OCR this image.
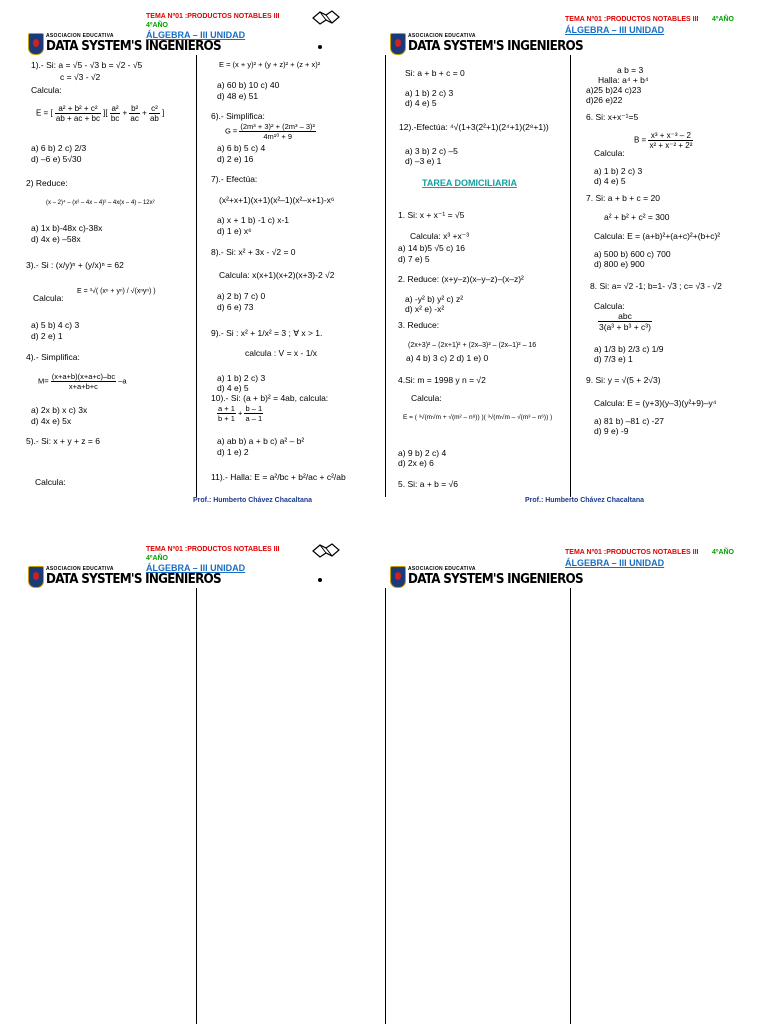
ASOCIACION EDUCATIVA
DATA SYSTEM'S INGENIEROS
TEMA Nº01 :PRODUCTOS NOTABLES III
4ºAÑO
ÁLGEBRA – III UNIDAD	ASOCIACION EDUCATIVA
DATA SYSTEM'S INGENIEROS
TEMA Nº01 :PRODUCTOS NOTABLES III 4ºAÑO
ÁLGEBRA – III UNIDAD
1).- Si: a = √5 - √3 b = √2 - √5
c = √3 - √2
Calcula:
E = [ $\frac{\text{a² + b² + c²}}{ab + ac + bc}$ ][ $\frac{\text{a²}}{bc} + \frac{\text{b²}}{ac} + \frac{\text{c²}}{ab}$ ]
a) 6 b) 2 c) 2/3
d) –6 e) 5√30
2) Reduce:
(x – 2)⁴ – (x² – 4x – 4)² – 4x(x – 4) – 12x²
a) 1x b)-48x c)-38x
d) 4x e) –58x
3).- Si : (x/y)ⁿ + (y/x)ⁿ = 62
Calcula:
E = ³√( (xⁿ + yⁿ) / √(xⁿyⁿ) )
a) 5 b) 4 c) 3
d) 2 e) 1
4).- Simplifica:
$M= \frac{(x+a+b)(x+a+c)-bc}{x+a+b+c} -a$
a) 2x b) x c) 3x
d) 4x e) 5x
5).- Si: x + y + z = 6
Calcula:
E = (x + y)² + (y + z)² + (z + x)²
a) 60 b) 10 c) 40
d) 48 e) 51
6).- Simplifica:
$G = \frac{\text{(2m³ + 3)² + (2m³ – 3)²}}{\text{4m¹⁰ + 9}}$
a) 6 b) 5 c) 4
d) 2 e) 16
7).- Efectúa:
(x²+x+1)(x+1)(x²–1)(x²–x+1)-x⁶
a) x + 1 b) -1 c) x-1
d) 1 e) x⁶
8).- Si: x² + 3x - √2 = 0
Calcula: x(x+1)(x+2)(x+3)-2 √2
a) 2 b) 7 c) 0
d) 6 e) 73
9).- Si : x² + 1/x² = 3 ; ∀ x > 1.
calcula : V = x - 1/x
a) 1 b) 2 c) 3
d) 4 e) 5
10).- Si: (a + b)² = 4ab, calcula:
$\frac{a + 1}{b + 1} + \frac{b - 1}{a - 1}$
a) ab b) a + b c) a² – b²
d) 1 e) 2
11).- Halla: E = a²/bc + b²/ac + c²/ab
Si: a + b + c = 0
a) 1 b) 2 c) 3
d) 4 e) 5
12).-Efectúa: ⁴√(1+3(2²+1)(2⁴+1)(2⁸+1))
a) 3 b) 2 c) –5
d) –3 e) 1
TAREA DOMICILIARIA
1. Si: x + x⁻¹ = √5
Calcula: x³ +x⁻³
a) 14 b)5 √5 c) 16
d) 7 e) 5
2. Reduce: (x+y–z)(x–y–z)–(x–z)²
a) -y² b) y² c) z²
d) x² e) -x²
3. Reduce:
(2x+3)² – (2x+1)² + (2x–3)² – (2x–1)² – 16
a) 4 b) 3 c) 2 d) 1 e) 0
4.Si: m = 1998 y n = √2
Calcula:
E = ( ³√(m√m + √(m² – n⁸)) )( ³√(m√m – √(m³ – n⁶)) )
a) 9 b) 2 c) 4
d) 2x e) 6
5. Si: a + b = √6
a b = 3
Halla: a⁴ + b⁴
a)25 b)24 c)23
d)26 e)22
6. Si: x+x⁻¹=5
$B = \frac{\text{x³ + x⁻³ – 2}}{\text{x² + x⁻² + 2²}}$
Calcula:
a) 1 b) 2 c) 3
d) 4 e) 5
7. Si: a + b + c = 20
a² + b² + c² = 300
Calcula: E = (a+b)²+(a+c)²+(b+c)²
a) 500 b) 600 c) 700
d) 800 e) 900
8. Si: a= √2 -1; b=1- √3 ; c= √3 - √2
Calcula:
$\frac{\text{abc}}{\text{3(a³ + b³ + c³)}}$
a) 1/3 b) 2/3 c) 1/9
d) 7/3 e) 1
9. Si: y = √(5 + 2√3)
Calcula: E = (y+3)(y–3)(y²+9)–y⁴
a) 81 b) –81 c) -27
d) 9 e) -9
Prof.: Humberto Chávez Chacaltana	Prof.: Humberto Chávez Chacaltana
ASOCIACION EDUCATIVA
DATA SYSTEM'S INGENIEROS
TEMA Nº01 :PRODUCTOS NOTABLES III
4ºAÑO
ÁLGEBRA – III UNIDAD	ASOCIACION EDUCATIVA
DATA SYSTEM'S INGENIEROS
TEMA Nº01 :PRODUCTOS NOTABLES III 4ºAÑO
ÁLGEBRA – III UNIDAD
